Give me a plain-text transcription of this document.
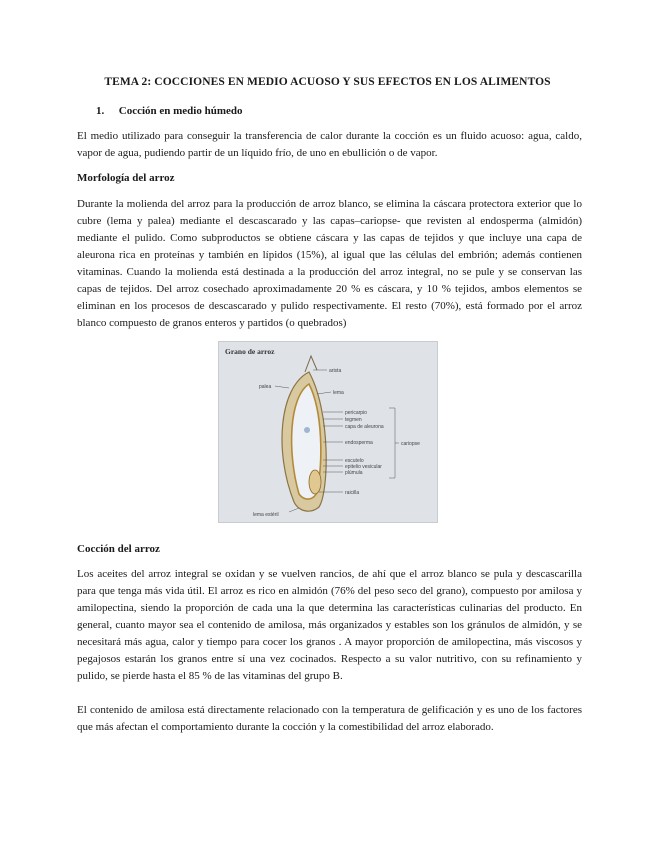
TEMA 2: COCCIONES EN MEDIO ACUOSO Y SUS EFECTOS EN LOS ALIMENTOS
1. Cocción en medio húmedo
El medio utilizado para conseguir la transferencia de calor durante la cocción es un fluido acuoso: agua, caldo, vapor de agua, pudiendo partir de un líquido frío, de uno en ebullición o de vapor.
Morfología del arroz
Durante la molienda del arroz para la producción de arroz blanco, se elimina la cáscara protectora exterior que lo cubre (lema y palea) mediante el descascarado y las capas–cariopse- que revisten al endosperma (almidón) mediante el pulido. Como subproductos se obtiene cáscara y las capas de tejidos y que incluye una capa de aleurona rica en proteínas y también en lípidos (15%), al igual que las células del embrión; además contienen vitaminas. Cuando la molienda está destinada a la producción del arroz integral, no se pule y se conservan las capas de tejidos. Del arroz cosechado aproximadamente 20 % es cáscara, y 10 % tejidos, ambos elementos se eliminan en los procesos de descascarado y pulido respectivamente. El resto (70%), está formado por el arroz blanco compuesto de granos enteros y partidos (o quebrados)
Grano de arroz
arista
palea
lema
pericarpio
tegmen
capa de aleurona
endosperma
escutelo
epitelio vesicular
plúmula
cariopse
raicilla
lema estéril
Cocción del arroz
Los aceites del arroz integral se oxidan y se vuelven rancios, de ahí que el arroz blanco se pula y descascarilla para que tenga más vida útil. El arroz es rico en almidón (76% del peso seco del grano), compuesto por amilosa y amilopectina, siendo la proporción de cada una la que determina las características culinarias del producto. En general, cuanto mayor sea el contenido de amilosa, más organizados y estables son los gránulos de almidón, y se necesitará más agua, calor y tiempo para cocer los granos . A mayor proporción de amilopectina, más viscosos y pegajosos estarán los granos entre sí una vez cocinados. Respecto a su valor nutritivo, con su refinamiento y pulido, se pierde hasta el 85 % de las vitaminas del grupo B.
El contenido de amilosa está directamente relacionado con la temperatura de gelificación y es uno de los factores que más afectan el comportamiento durante la cocción y la comestibilidad del arroz elaborado.
